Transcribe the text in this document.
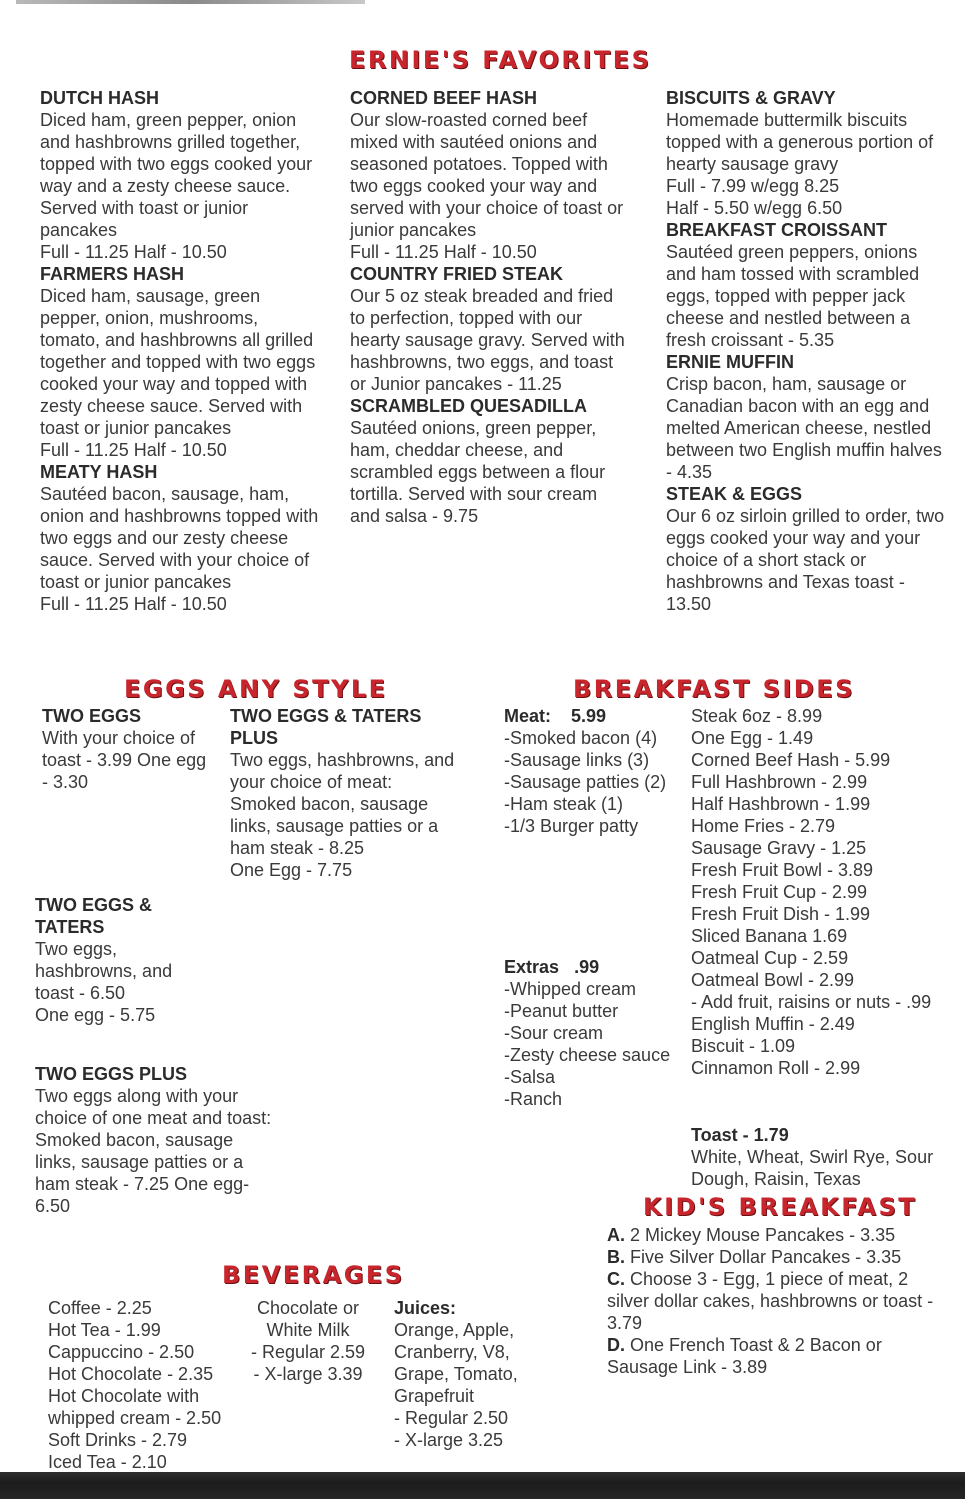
ERNIE'S FAVORITES
DUTCH HASH
Diced ham, green pepper, onion and hashbrowns grilled together, topped with two eggs cooked your way and a zesty cheese sauce. Served with toast or junior pancakes
Full - 11.25 Half - 10.50
FARMERS HASH
Diced ham, sausage, green pepper, onion, mushrooms, tomato, and hashbrowns all grilled together and topped with two eggs cooked your way and topped with zesty cheese sauce. Served with toast or junior pancakes
Full - 11.25 Half - 10.50
MEATY HASH
Sautéed bacon, sausage, ham, onion and hashbrowns topped with two eggs and our zesty cheese sauce. Served with your choice of toast or junior pancakes
Full - 11.25 Half - 10.50
CORNED BEEF HASH
Our slow-roasted corned beef mixed with sautéed onions and seasoned potatoes. Topped with two eggs cooked your way and served with your choice of toast or junior pancakes
Full - 11.25 Half - 10.50
COUNTRY FRIED STEAK
Our 5 oz steak breaded and fried to perfection, topped with our hearty sausage gravy. Served with hashbrowns, two eggs, and toast or Junior pancakes - 11.25
SCRAMBLED QUESADILLA
Sautéed onions, green pepper, ham, cheddar cheese, and scrambled eggs between a flour tortilla. Served with sour cream and salsa - 9.75
BISCUITS & GRAVY
Homemade buttermilk biscuits topped with a generous portion of hearty sausage gravy
Full - 7.99 w/egg 8.25
Half - 5.50 w/egg 6.50
BREAKFAST CROISSANT
Sautéed green peppers, onions and ham tossed with scrambled eggs, topped with pepper jack cheese and nestled between a fresh croissant - 5.35
ERNIE MUFFIN
Crisp bacon, ham, sausage or Canadian bacon with an egg and melted American cheese, nestled between two English muffin halves - 4.35
STEAK & EGGS
Our 6 oz sirloin grilled to order, two eggs cooked your way and your choice of a short stack or hashbrowns and Texas toast - 13.50
EGGS ANY STYLE
TWO EGGS
With your choice of toast - 3.99 One egg - 3.30
TWO EGGS & TATERS PLUS
Two eggs, hashbrowns, and your choice of meat: Smoked bacon, sausage links, sausage patties or a ham steak - 8.25
One Egg - 7.75
TWO EGGS & TATERS
Two eggs, hashbrowns, and toast - 6.50
One egg - 5.75
TWO EGGS PLUS
Two eggs along with your choice of one meat and toast: Smoked bacon, sausage links, sausage patties or a ham steak - 7.25 One egg- 6.50
BREAKFAST SIDES
Meat: 5.99
-Smoked bacon (4)
-Sausage links (3)
-Sausage patties (2)
-Ham steak (1)
-1/3 Burger patty
Extras .99
-Whipped cream
-Peanut butter
-Sour cream
-Zesty cheese sauce
-Salsa
-Ranch
Steak 6oz - 8.99
One Egg - 1.49
Corned Beef Hash - 5.99
Full Hashbrown - 2.99
Half Hashbrown - 1.99
Home Fries - 2.79
Sausage Gravy - 1.25
Fresh Fruit Bowl - 3.89
Fresh Fruit Cup - 2.99
Fresh Fruit Dish - 1.99
Sliced Banana 1.69
Oatmeal Cup - 2.59
Oatmeal Bowl - 2.99
- Add fruit, raisins or nuts - .99
English Muffin - 2.49
Biscuit - 1.09
Cinnamon Roll - 2.99
Toast - 1.79
White, Wheat, Swirl Rye, Sour Dough, Raisin, Texas
KID'S BREAKFAST
A. 2 Mickey Mouse Pancakes - 3.35
B. Five Silver Dollar Pancakes - 3.35
C. Choose 3 - Egg, 1 piece of meat, 2 silver dollar cakes, hashbrowns or toast - 3.79
D. One French Toast & 2 Bacon or Sausage Link - 3.89
BEVERAGES
Coffee - 2.25
Hot Tea - 1.99
Cappuccino - 2.50
Hot Chocolate - 2.35
Hot Chocolate with
whipped cream - 2.50
Soft Drinks - 2.79
Iced Tea - 2.10
Chocolate or
White Milk
- Regular 2.59
- X-large 3.39
Juices:
Orange, Apple,
Cranberry, V8,
Grape, Tomato,
Grapefruit
- Regular 2.50
- X-large 3.25
